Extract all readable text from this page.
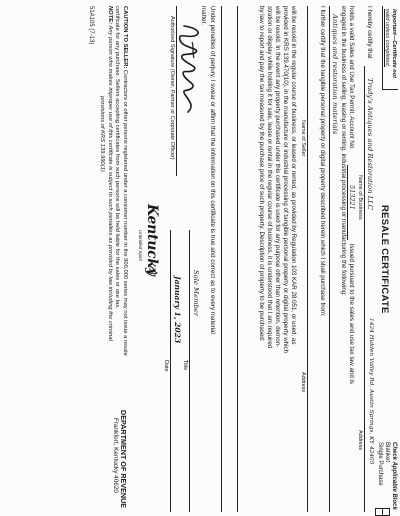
Important—Certificate not
valid unless completed.
RESALE CERTIFICATE
Check Applicable Block
Blanket
Single Purchase
I hereby certify that
Trudy's Antiques and Restoration LLC
1424 Hidden Valley Rd, Austin Springs, KY 42405
Name of Business
Address
holds a valid Sales and Use Tax Permit, Account No.
513221
issued pursuant to the sales and use tax law and is
engaged in the business of selling, leasing or renting, industrial processing or manufacturing the following:
Antiques and restoration materials
I further certify that the tangible personal property or digital property described herein which I shall purchase from:
Name of Seller
Address
will be resold in the regular course of business, or leased or rented, as provided by Regulation 103 KAR 28:051, or used, as
provided in KRS 139.470(10), in the manufacture or industrial processing of tangible personal property or digital property which
will be resold. In the event any property purchased under this certificate is used for any purpose other than retention, demon-
stration or display while holding it for sale, lease or rental in the regular course of business, it is understood that I am required
by law to report and pay the tax measured by the purchase price of such property. Description of property to be purchased:
Under penalties of perjury, I swear or affirm that the information on this certificate is true and correct as to every material
matter.
Authorized Signature (Owner, Partner or Corporate Officer)
Sole Member
Title
January 1, 2023
Date
Kentucky
Unbridled Spirit
CAUTION TO SELLER: Contractors or other persons registered under a consumer number in the 900,000 series may not issue a resale
certificate for any purchase. Sellers accepting certificates from such persons will be held liable for the sales or use tax.
NOTE: Any person who makes improper use of this certificate is subject to such penalties as provided by law including the criminal
provisions of KRS 139.990(1).
51A105 (7-13)
DEPARTMENT OF REVENUE
Frankfort, Kentucky 40620
